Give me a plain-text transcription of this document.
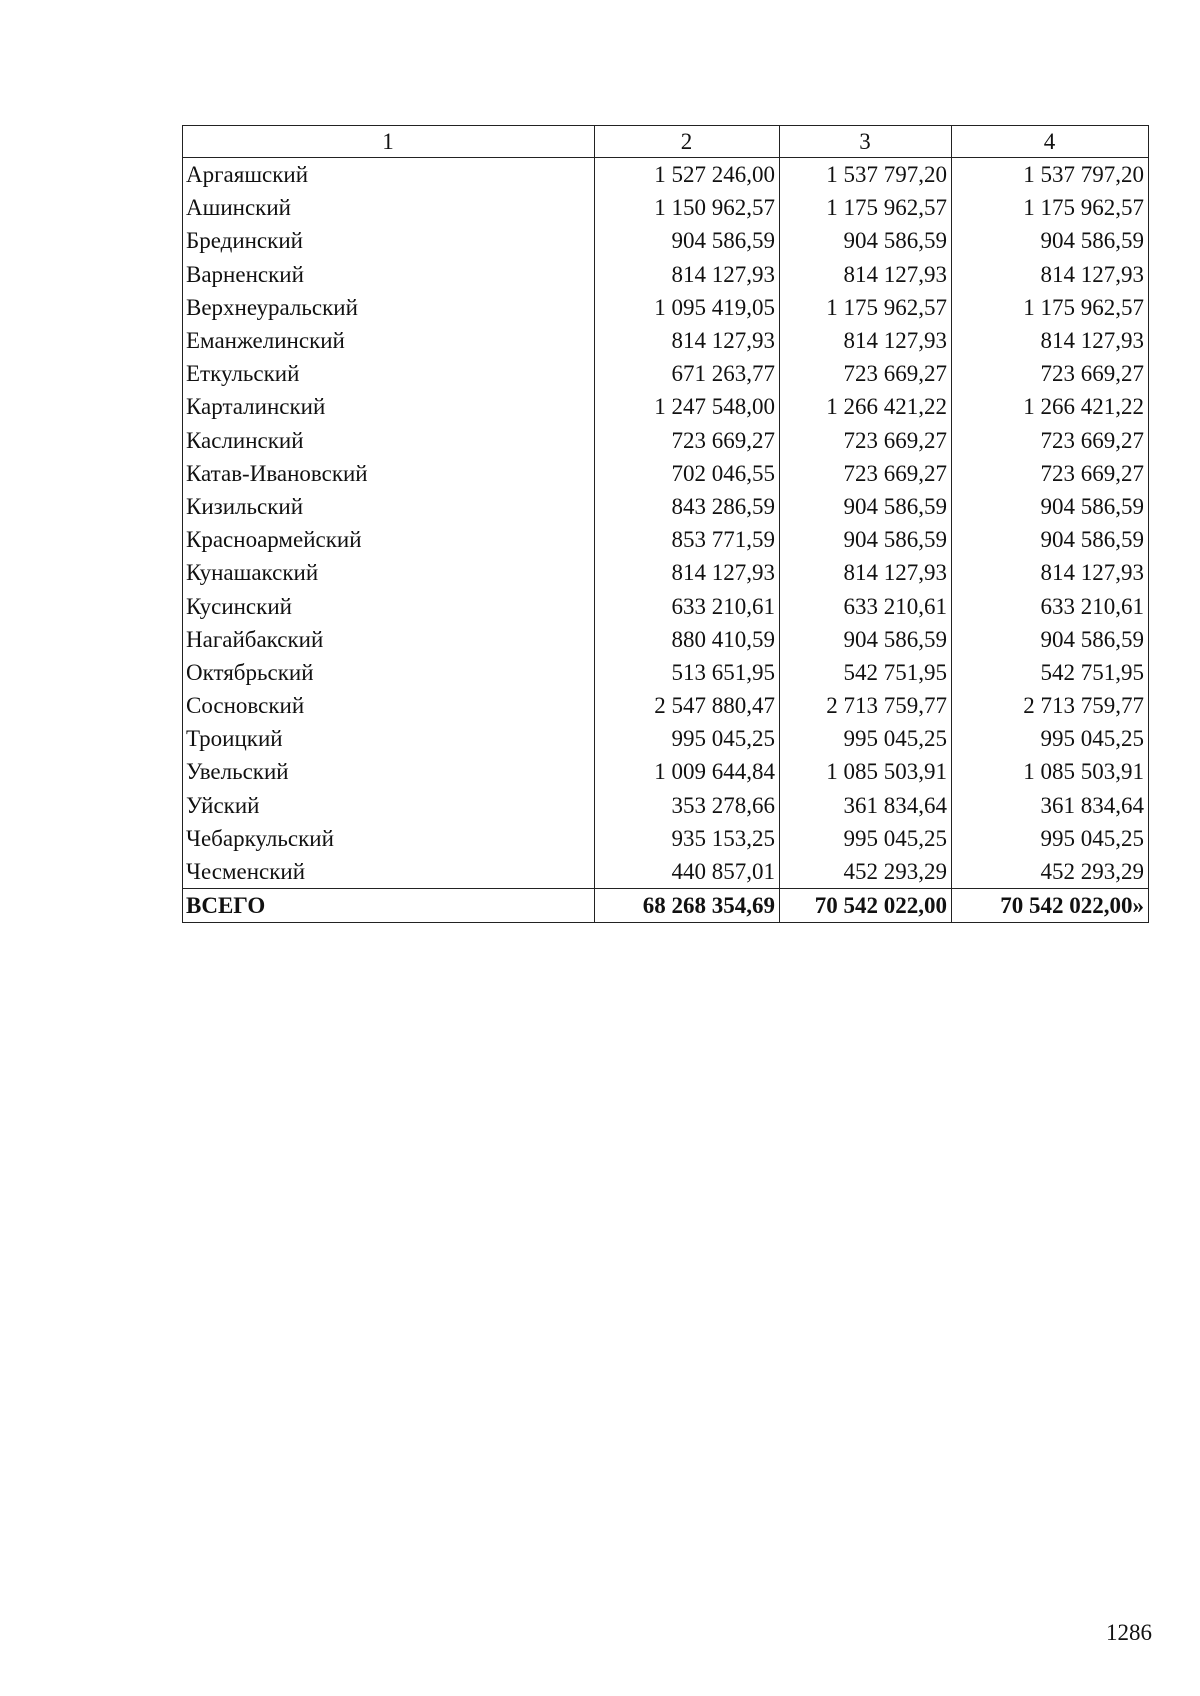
1	2	3	4
Аргаяшский	1 527 246,00	1 537 797,20	1 537 797,20
Ашинский	1 150 962,57	1 175 962,57	1 175 962,57
Брединский	904 586,59	904 586,59	904 586,59
Варненский	814 127,93	814 127,93	814 127,93
Верхнеуральский	1 095 419,05	1 175 962,57	1 175 962,57
Еманжелинский	814 127,93	814 127,93	814 127,93
Еткульский	671 263,77	723 669,27	723 669,27
Карталинский	1 247 548,00	1 266 421,22	1 266 421,22
Каслинский	723 669,27	723 669,27	723 669,27
Катав-Ивановский	702 046,55	723 669,27	723 669,27
Кизильский	843 286,59	904 586,59	904 586,59
Красноармейский	853 771,59	904 586,59	904 586,59
Кунашакский	814 127,93	814 127,93	814 127,93
Кусинский	633 210,61	633 210,61	633 210,61
Нагайбакский	880 410,59	904 586,59	904 586,59
Октябрьский	513 651,95	542 751,95	542 751,95
Сосновский	2 547 880,47	2 713 759,77	2 713 759,77
Троицкий	995 045,25	995 045,25	995 045,25
Увельский	1 009 644,84	1 085 503,91	1 085 503,91
Уйский	353 278,66	361 834,64	361 834,64
Чебаркульский	935 153,25	995 045,25	995 045,25
Чесменский	440 857,01	452 293,29	452 293,29
ВСЕГО	68 268 354,69	70 542 022,00	70 542 022,00»
1286
